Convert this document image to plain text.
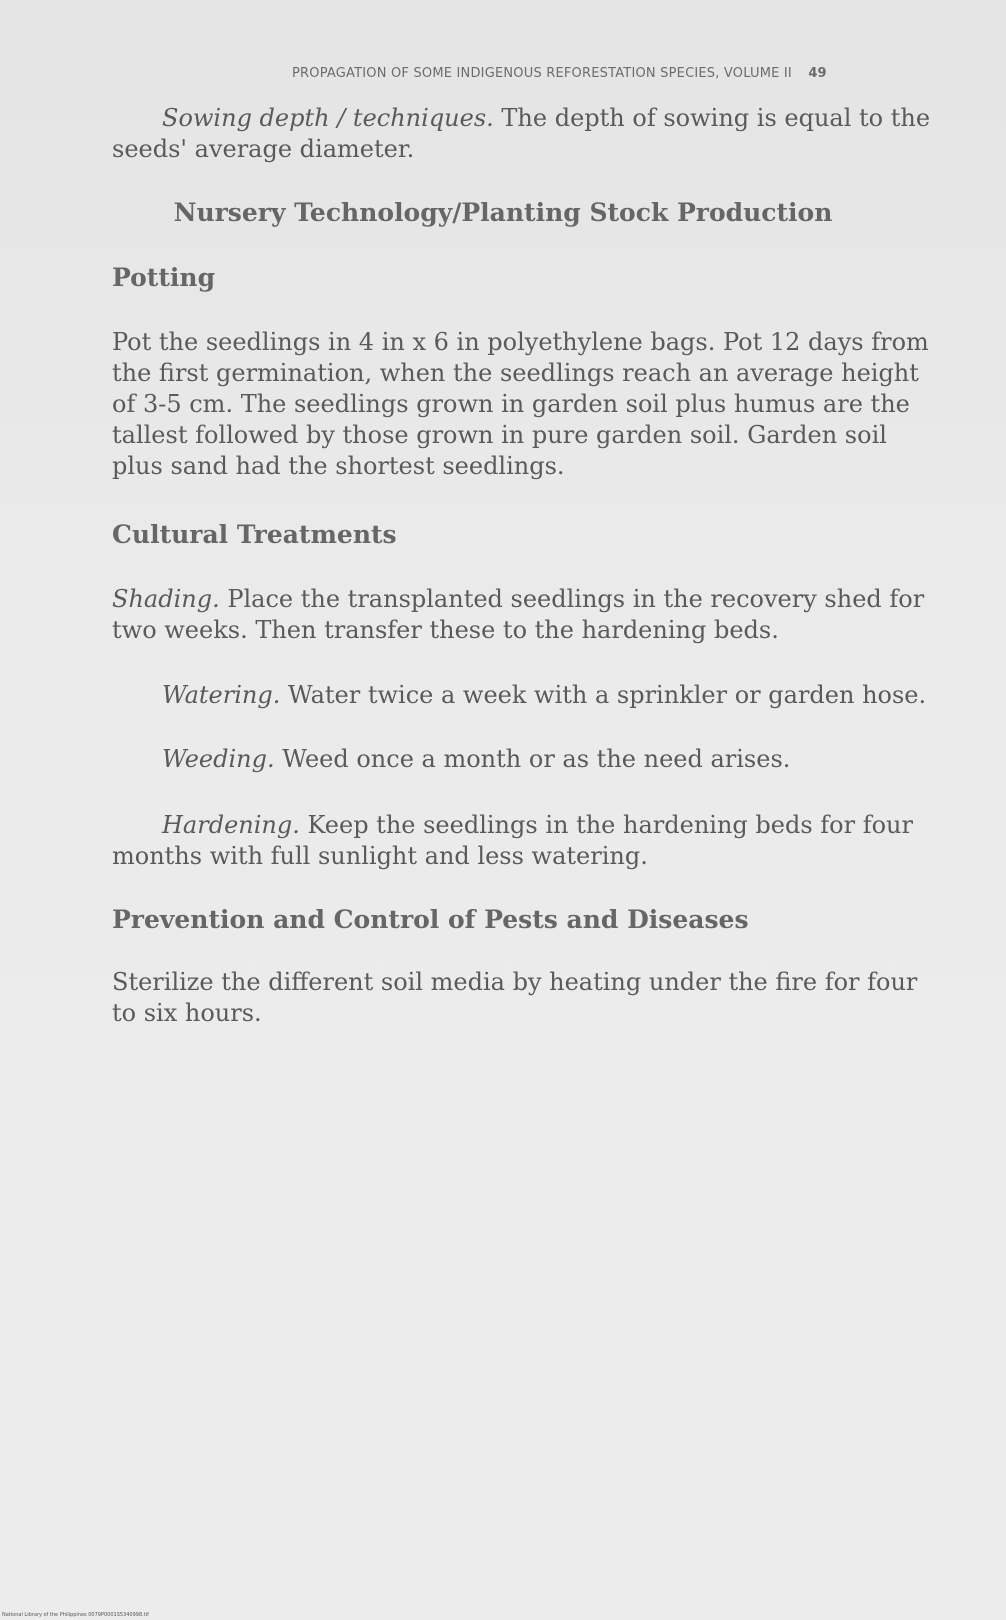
PROPAGATION OF SOME INDIGENOUS REFORESTATION SPECIES, VOLUME II 49
Sowing depth / techniques. The depth of sowing is equal to the seeds' average diameter.
Nursery Technology/Planting Stock Production
Potting

Pot the seedlings in 4 in x 6 in polyethylene bags. Pot 12 days from the first germination, when the seedlings reach an average height of 3-5 cm. The seedlings grown in garden soil plus humus are the tallest followed by those grown in pure garden soil. Garden soil plus sand had the shortest seedlings.

Cultural Treatments
Shading. Place the transplanted seedlings in the recovery shed for two weeks. Then transfer these to the hardening beds.
Watering. Water twice a week with a sprinkler or garden hose.
Weeding. Weed once a month or as the need arises.
Hardening. Keep the seedlings in the hardening beds for four months with full sunlight and less watering.
Prevention and Control of Pests and Diseases

Sterilize the different soil media by heating under the fire for four to six hours.

National Library of the Philippines 0079P0001S5340998.tif
